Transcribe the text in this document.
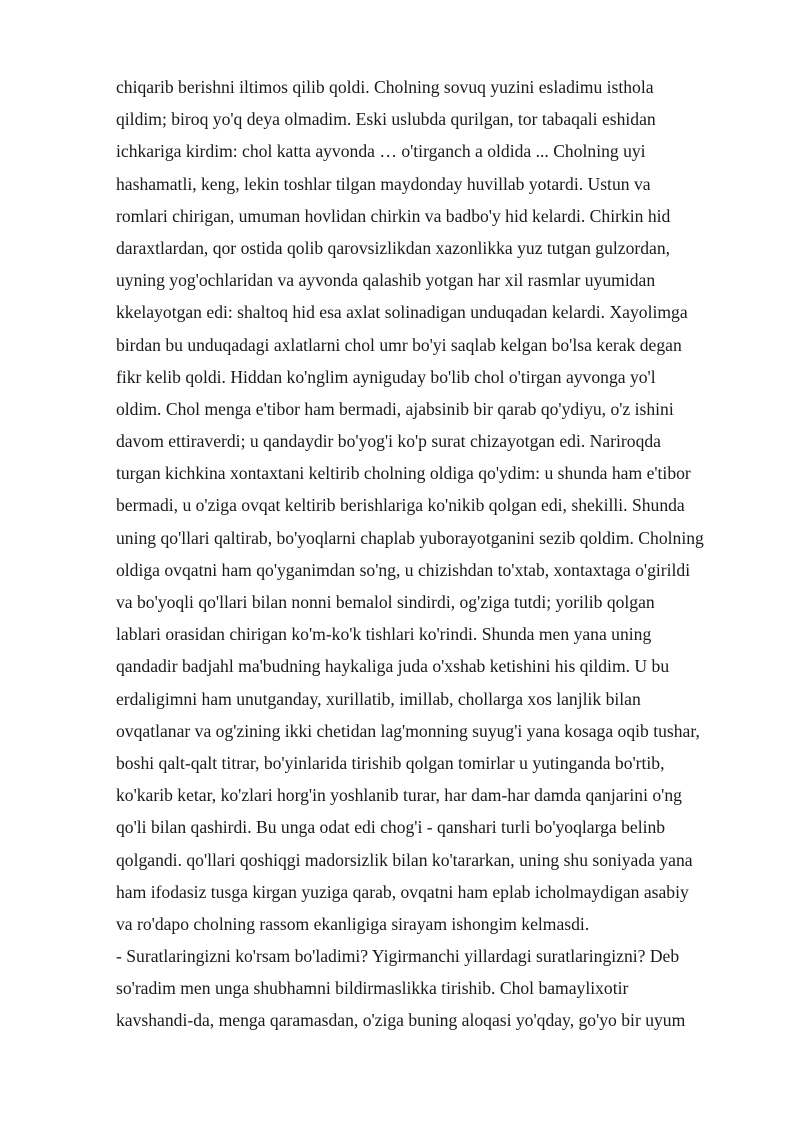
chiqarib berishni iltimos qilib qoldi. Cholning sovuq yuzini esladimu isthola
qildim; biroq yo'q deya olmadim. Eski uslubda qurilgan, tor tabaqali eshidan
ichkariga kirdim: chol katta ayvonda … o'tirganch a oldida ... Cholning uyi
hashamatli, keng, lekin toshlar tilgan maydonday huvillab yotardi. Ustun va
romlari chirigan, umuman hovlidan chirkin va badbo'y hid kelardi. Chirkin hid
daraxtlardan, qor ostida qolib qarovsizlikdan xazonlikka yuz tutgan gulzordan,
uyning yog'ochlaridan va ayvonda qalashib yotgan har xil rasmlar uyumidan
kkelayotgan edi: shaltoq hid esa axlat solinadigan unduqadan kelardi. Xayolimga
birdan bu unduqadagi axlatlarni chol umr bo'yi saqlab kelgan bo'lsa kerak degan
fikr kelib qoldi. Hiddan ko'nglim ayniguday bo'lib chol o'tirgan ayvonga yo'l
oldim. Chol menga e'tibor ham bermadi, ajabsinib bir qarab qo'ydiyu, o'z ishini
davom ettiraverdi; u qandaydir bo'yog'i ko'p surat chizayotgan edi. Nariroqda
turgan kichkina xontaxtani keltirib cholning oldiga qo'ydim: u shunda ham e'tibor
bermadi, u o'ziga ovqat keltirib berishlariga ko'nikib qolgan edi, shekilli. Shunda
uning qo'llari qaltirab, bo'yoqlarni chaplab yuborayotganini sezib qoldim. Cholning
oldiga ovqatni ham qo'yganimdan so'ng, u chizishdan to'xtab, xontaxtaga o'girildi
va bo'yoqli qo'llari bilan nonni bemalol sindirdi, og'ziga tutdi; yorilib qolgan
lablari orasidan chirigan ko'm-ko'k tishlari ko'rindi. Shunda men yana uning
qandadir badjahl ma'budning haykaliga juda o'xshab ketishini his qildim. U bu
erdaligimni ham unutganday, xurillatib, imillab, chollarga xos lanjlik bilan
ovqatlanar va og'zining ikki chetidan lag'monning suyug'i yana kosaga oqib tushar,
boshi qalt-qalt titrar, bo'yinlarida tirishib qolgan tomirlar u yutinganda bo'rtib,
ko'karib ketar, ko'zlari horg'in yoshlanib turar, har dam-har damda qanjarini o'ng
qo'li bilan qashirdi. Bu unga odat edi chog'i - qanshari turli bo'yoqlarga belinb
qolgandi. qo'llari qoshiqgi madorsizlik bilan ko'tararkan, uning shu soniyada yana
ham ifodasiz tusga kirgan yuziga qarab, ovqatni ham eplab icholmaydigan asabiy
va ro'dapo cholning rassom ekanligiga sirayam ishongim kelmasdi.
- Suratlaringizni ko'rsam bo'ladimi? Yigirmanchi yillardagi suratlaringizni? Deb
so'radim men unga shubhamni bildirmaslikka tirishib. Chol bamaylixotir
kavshandi-da, menga qaramasdan, o'ziga buning aloqasi yo'qday, go'yo bir uyum
